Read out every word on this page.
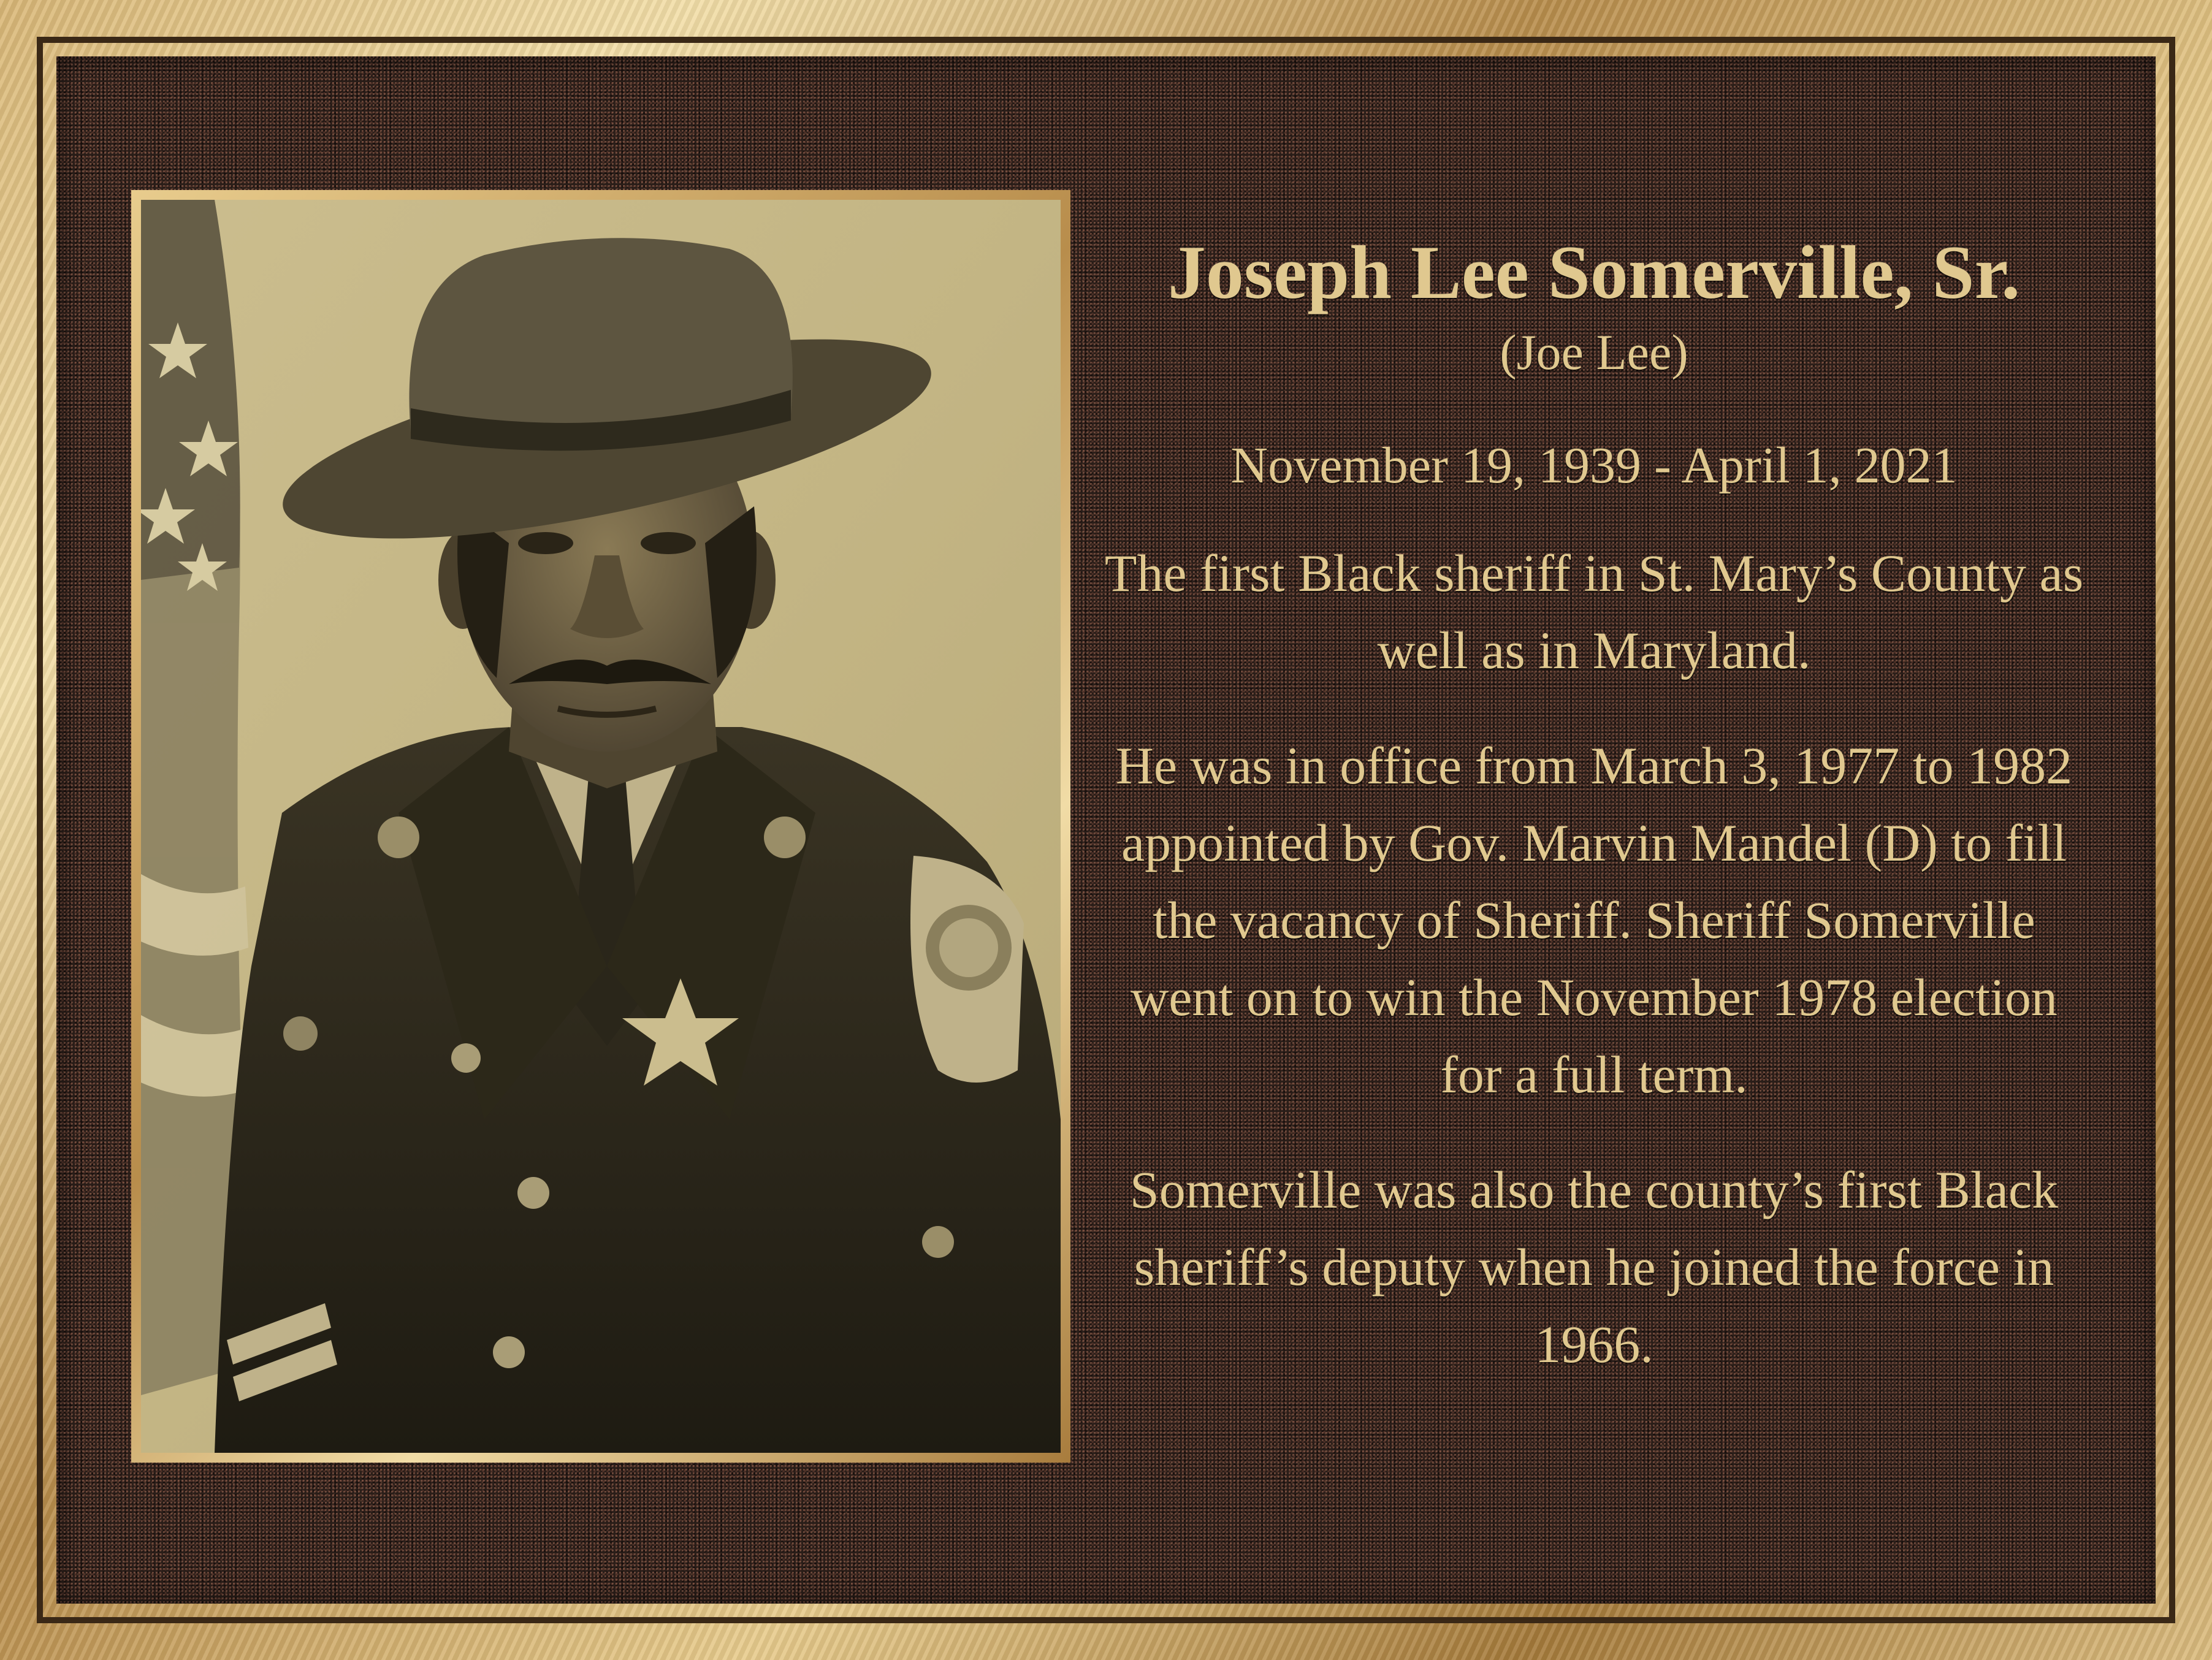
Joseph Lee Somerville, Sr.

(Joe Lee)

November 19, 1939 - April 1, 2021

The first Black sheriff in St. Mary’s County as well as in Maryland.

He was in office from March 3, 1977 to 1982 appointed by Gov. Marvin Mandel (D) to fill the vacancy of Sheriff. Sheriff Somerville went on to win the November 1978 election for a full term.

Somerville was also the county’s first Black sheriff’s deputy when he joined the force in 1966.
